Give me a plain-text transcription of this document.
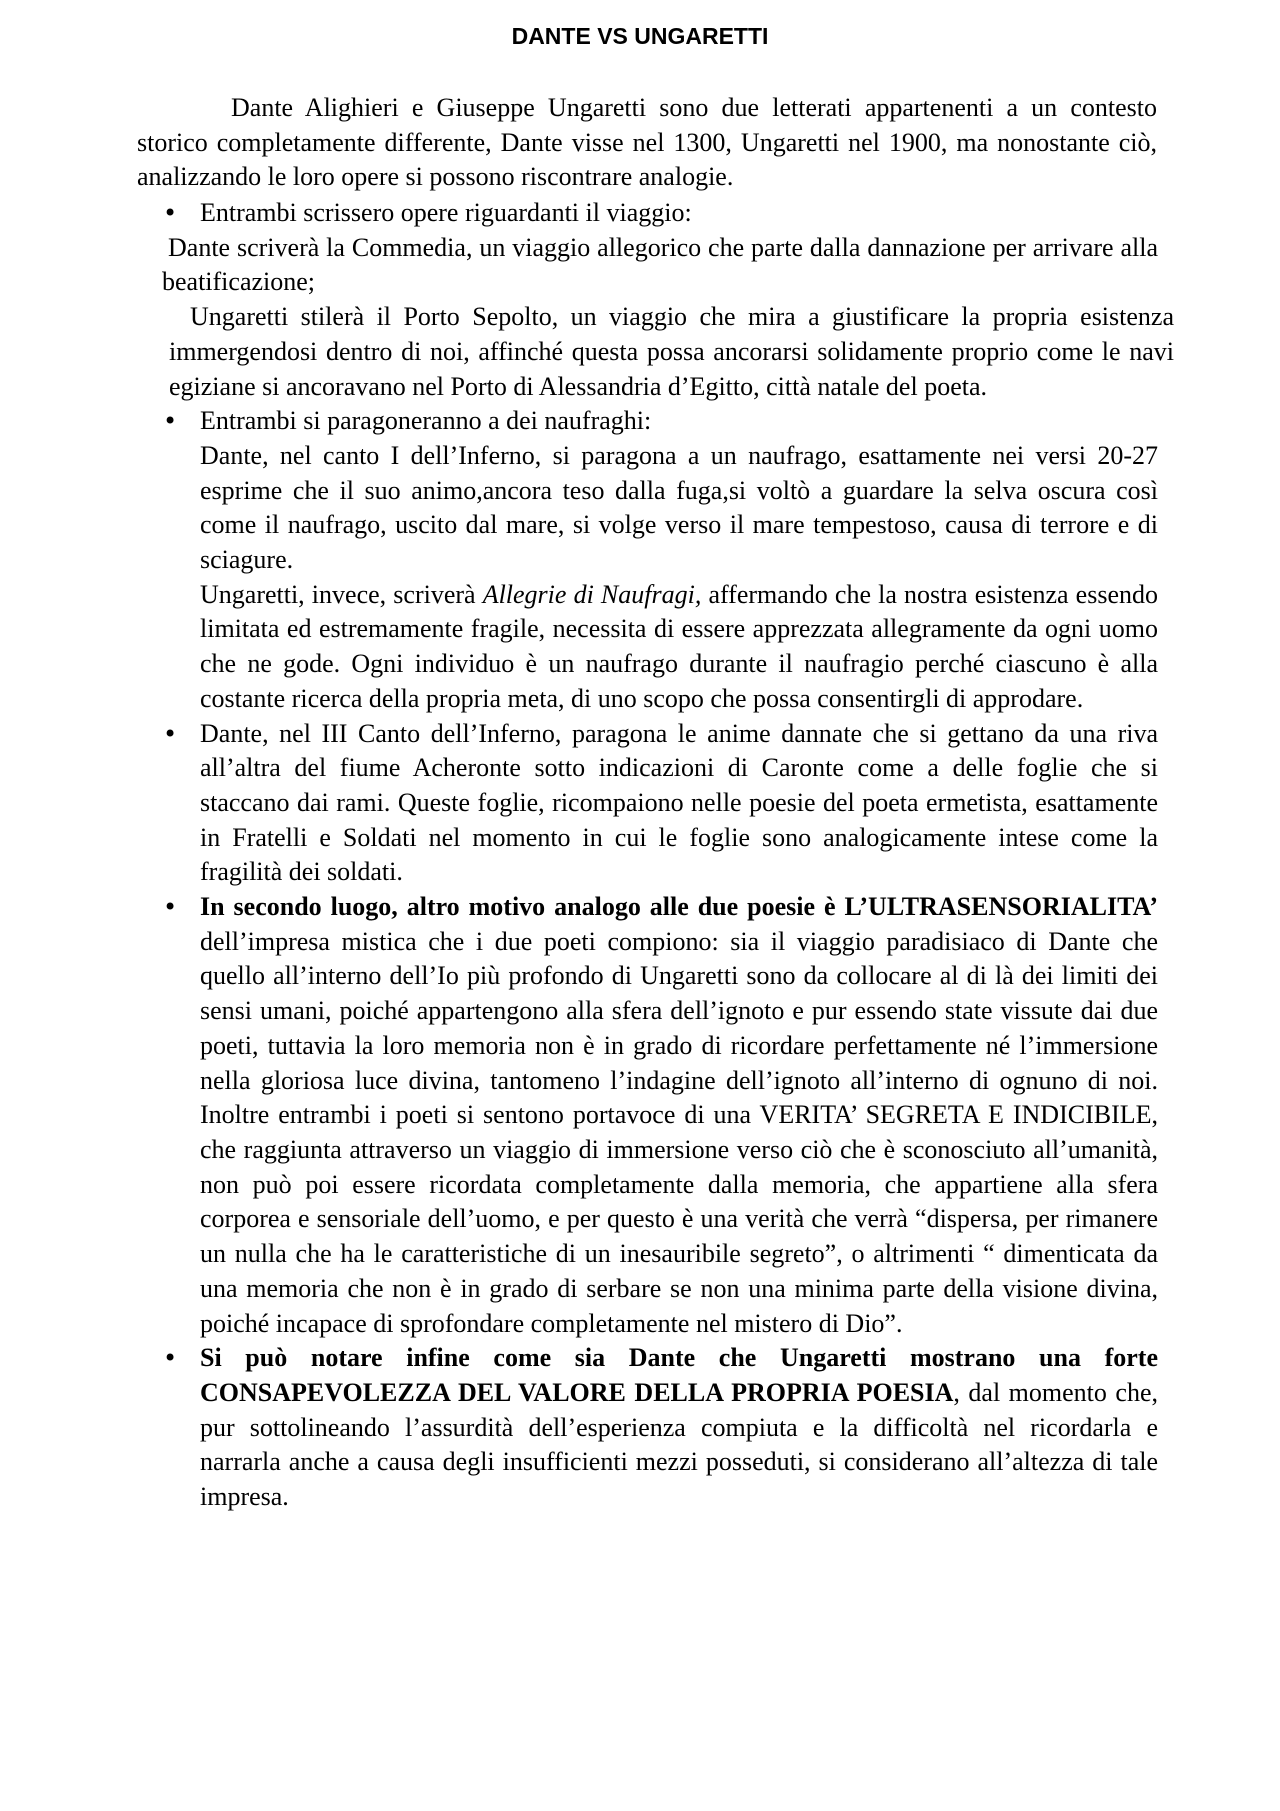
DANTE VS UNGARETTI

Dante Alighieri e Giuseppe Ungaretti sono due letterati appartenenti a un contesto storico completamente differente, Dante visse nel 1300, Ungaretti nel 1900, ma nonostante ciò, analizzando le loro opere si possono riscontrare analogie.

• Entrambi scrissero opere riguardanti il viaggio:

Dante scriverà la Commedia, un viaggio allegorico che parte dalla dannazione per arrivare alla beatificazione;

Ungaretti stilerà il Porto Sepolto, un viaggio che mira a giustificare la propria esistenza immergendosi dentro di noi, affinché questa possa ancorarsi solidamente proprio come le navi egiziane si ancoravano nel Porto di Alessandria d’Egitto, città natale del poeta.

• Entrambi si paragoneranno a dei naufraghi:

Dante, nel canto I dell’Inferno, si paragona a un naufrago, esattamente nei versi 20-27 esprime che il suo animo,ancora teso dalla fuga,si voltò a guardare la selva oscura così come il naufrago, uscito dal mare, si volge verso il mare tempestoso, causa di terrore e di sciagure.

Ungaretti, invece, scriverà Allegrie di Naufragi, affermando che la nostra esistenza essendo limitata ed estremamente fragile, necessita di essere apprezzata allegramente da ogni uomo che ne gode. Ogni individuo è un naufrago durante il naufragio perché ciascuno è alla costante ricerca della propria meta, di uno scopo che possa consentirgli di approdare.

• Dante, nel III Canto dell’Inferno, paragona le anime dannate che si gettano da una riva all’altra del fiume Acheronte sotto indicazioni di Caronte come a delle foglie che si staccano dai rami. Queste foglie, ricompaiono nelle poesie del poeta ermetista, esattamente in Fratelli e Soldati nel momento in cui le foglie sono analogicamente intese come la fragilità dei soldati.

• In secondo luogo, altro motivo analogo alle due poesie è L’ULTRASENSORIALITA’ dell’impresa mistica che i due poeti compiono: sia il viaggio paradisiaco di Dante che quello all’interno dell’Io più profondo di Ungaretti sono da collocare al di là dei limiti dei sensi umani, poiché appartengono alla sfera dell’ignoto e pur essendo state vissute dai due poeti, tuttavia la loro memoria non è in grado di ricordare perfettamente né l’immersione nella gloriosa luce divina, tantomeno l’indagine dell’ignoto all’interno di ognuno di noi. Inoltre entrambi i poeti si sentono portavoce di una VERITA’ SEGRETA E INDICIBILE, che raggiunta attraverso un viaggio di immersione verso ciò che è sconosciuto all’umanità, non può poi essere ricordata completamente dalla memoria, che appartiene alla sfera corporea e sensoriale dell’uomo, e per questo è una verità che verrà “dispersa, per rimanere un nulla che ha le caratteristiche di un inesauribile segreto”, o altrimenti “ dimenticata da una memoria che non è in grado di serbare se non una minima parte della visione divina, poiché incapace di sprofondare completamente nel mistero di Dio”.

• Si può notare infine come sia Dante che Ungaretti mostrano una forte CONSAPEVOLEZZA DEL VALORE DELLA PROPRIA POESIA, dal momento che, pur sottolineando l’assurdità dell’esperienza compiuta e la difficoltà nel ricordarla e narrarla anche a causa degli insufficienti mezzi posseduti, si considerano all’altezza di tale impresa.
